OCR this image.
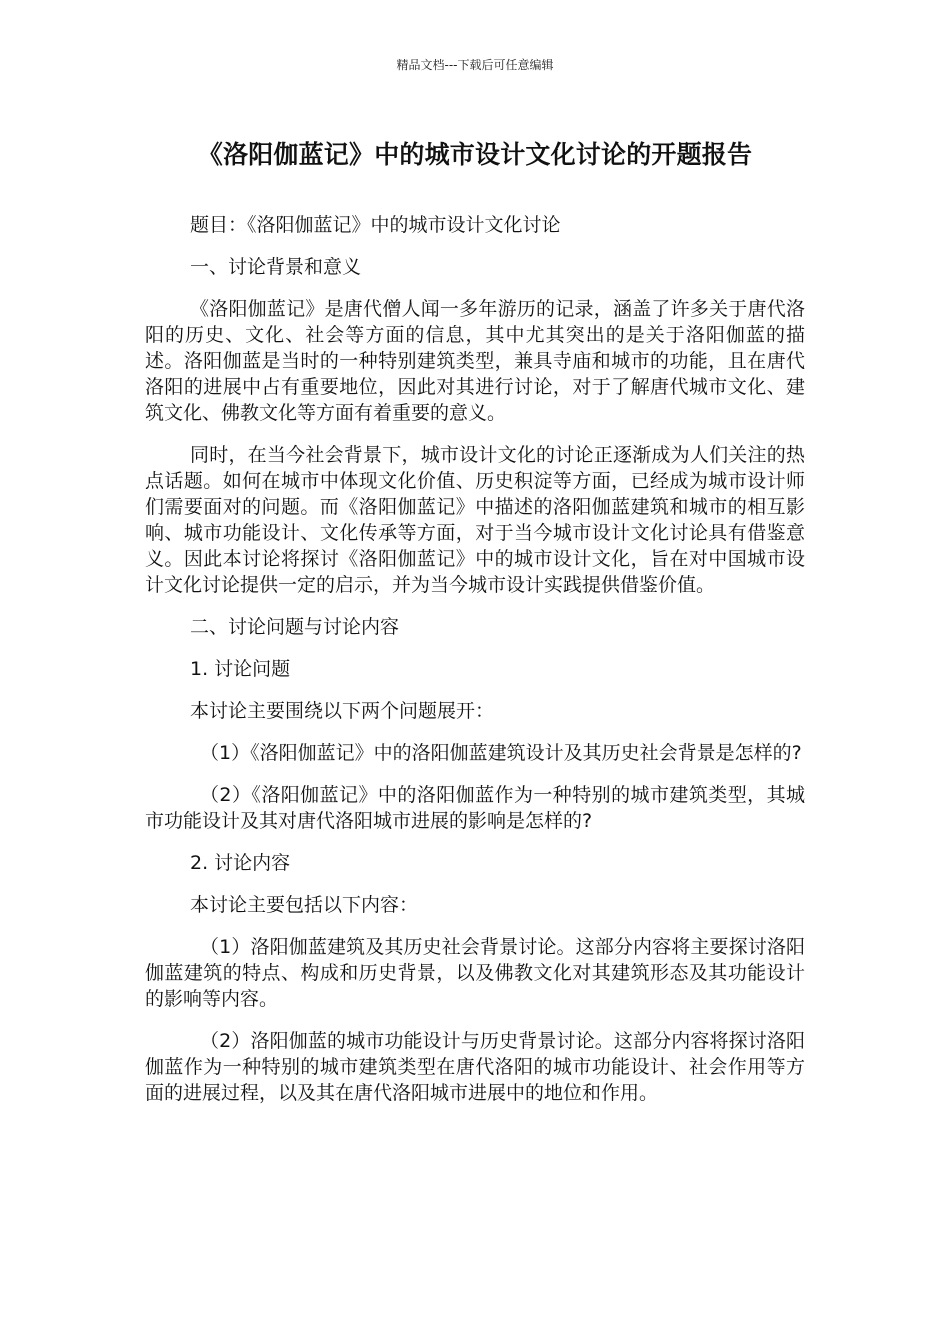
精品文档---下载后可任意编辑
《洛阳伽蓝记》中的城市设计文化讨论的开题报告

题目：《洛阳伽蓝记》中的城市设计文化讨论

一、讨论背景和意义

《洛阳伽蓝记》是唐代僧人闻一多年游历的记录，涵盖了许多关于唐代洛阳的历史、文化、社会等方面的信息，其中尤其突出的是关于洛阳伽蓝的描述。洛阳伽蓝是当时的一种特别建筑类型，兼具寺庙和城市的功能，且在唐代洛阳的进展中占有重要地位，因此对其进行讨论，对于了解唐代城市文化、建筑文化、佛教文化等方面有着重要的意义。

同时，在当今社会背景下，城市设计文化的讨论正逐渐成为人们关注的热点话题。如何在城市中体现文化价值、历史积淀等方面，已经成为城市设计师们需要面对的问题。而《洛阳伽蓝记》中描述的洛阳伽蓝建筑和城市的相互影响、城市功能设计、文化传承等方面，对于当今城市设计文化讨论具有借鉴意义。因此本讨论将探讨《洛阳伽蓝记》中的城市设计文化，旨在对中国城市设计文化讨论提供一定的启示，并为当今城市设计实践提供借鉴价值。

二、讨论问题与讨论内容

1. 讨论问题

本讨论主要围绕以下两个问题展开：

（1）《洛阳伽蓝记》中的洛阳伽蓝建筑设计及其历史社会背景是怎样的?

（2）《洛阳伽蓝记》中的洛阳伽蓝作为一种特别的城市建筑类型，其城市功能设计及其对唐代洛阳城市进展的影响是怎样的?

2. 讨论内容

本讨论主要包括以下内容：

（1）洛阳伽蓝建筑及其历史社会背景讨论。这部分内容将主要探讨洛阳伽蓝建筑的特点、构成和历史背景，以及佛教文化对其建筑形态及其功能设计的影响等内容。

（2）洛阳伽蓝的城市功能设计与历史背景讨论。这部分内容将探讨洛阳伽蓝作为一种特别的城市建筑类型在唐代洛阳的城市功能设计、社会作用等方面的进展过程，以及其在唐代洛阳城市进展中的地位和作用。
